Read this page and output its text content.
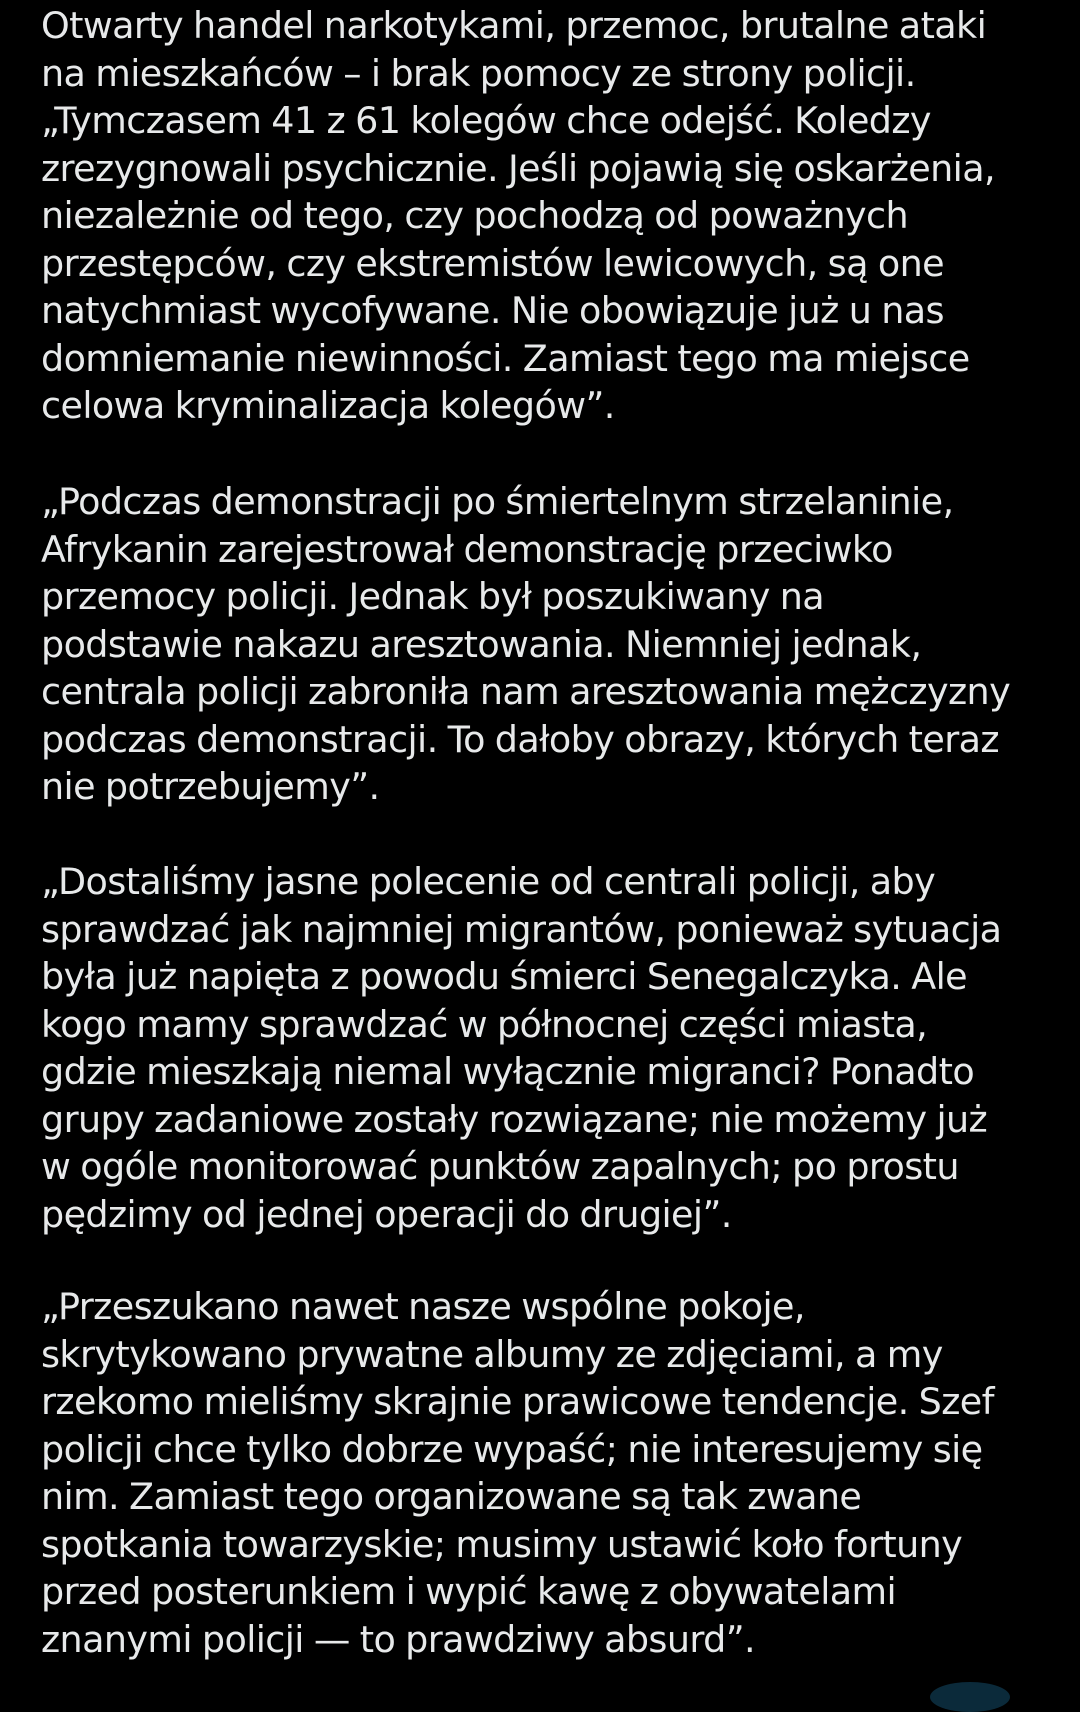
Otwarty handel narkotykami, przemoc, brutalne ataki
na mieszkańców – i brak pomocy ze strony policji.
„Tymczasem 41 z 61 kolegów chce odejść. Koledzy
zrezygnowali psychicznie. Jeśli pojawią się oskarżenia,
niezależnie od tego, czy pochodzą od poważnych
przestępców, czy ekstremistów lewicowych, są one
natychmiast wycofywane. Nie obowiązuje już u nas
domniemanie niewinności. Zamiast tego ma miejsce
celowa kryminalizacja kolegów”.

„Podczas demonstracji po śmiertelnym strzelaninie,
Afrykanin zarejestrował demonstrację przeciwko
przemocy policji. Jednak był poszukiwany na
podstawie nakazu aresztowania. Niemniej jednak,
centrala policji zabroniła nam aresztowania mężczyzny
podczas demonstracji. To dałoby obrazy, których teraz
nie potrzebujemy”.

„Dostaliśmy jasne polecenie od centrali policji, aby
sprawdzać jak najmniej migrantów, ponieważ sytuacja
była już napięta z powodu śmierci Senegalczyka. Ale
kogo mamy sprawdzać w północnej części miasta,
gdzie mieszkają niemal wyłącznie migranci? Ponadto
grupy zadaniowe zostały rozwiązane; nie możemy już
w ogóle monitorować punktów zapalnych; po prostu
pędzimy od jednej operacji do drugiej”.

„Przeszukano nawet nasze wspólne pokoje,
skrytykowano prywatne albumy ze zdjęciami, a my
rzekomo mieliśmy skrajnie prawicowe tendencje. Szef
policji chce tylko dobrze wypaść; nie interesujemy się
nim. Zamiast tego organizowane są tak zwane
spotkania towarzyskie; musimy ustawić koło fortuny
przed posterunkiem i wypić kawę z obywatelami
znanymi policji — to prawdziwy absurd”.
